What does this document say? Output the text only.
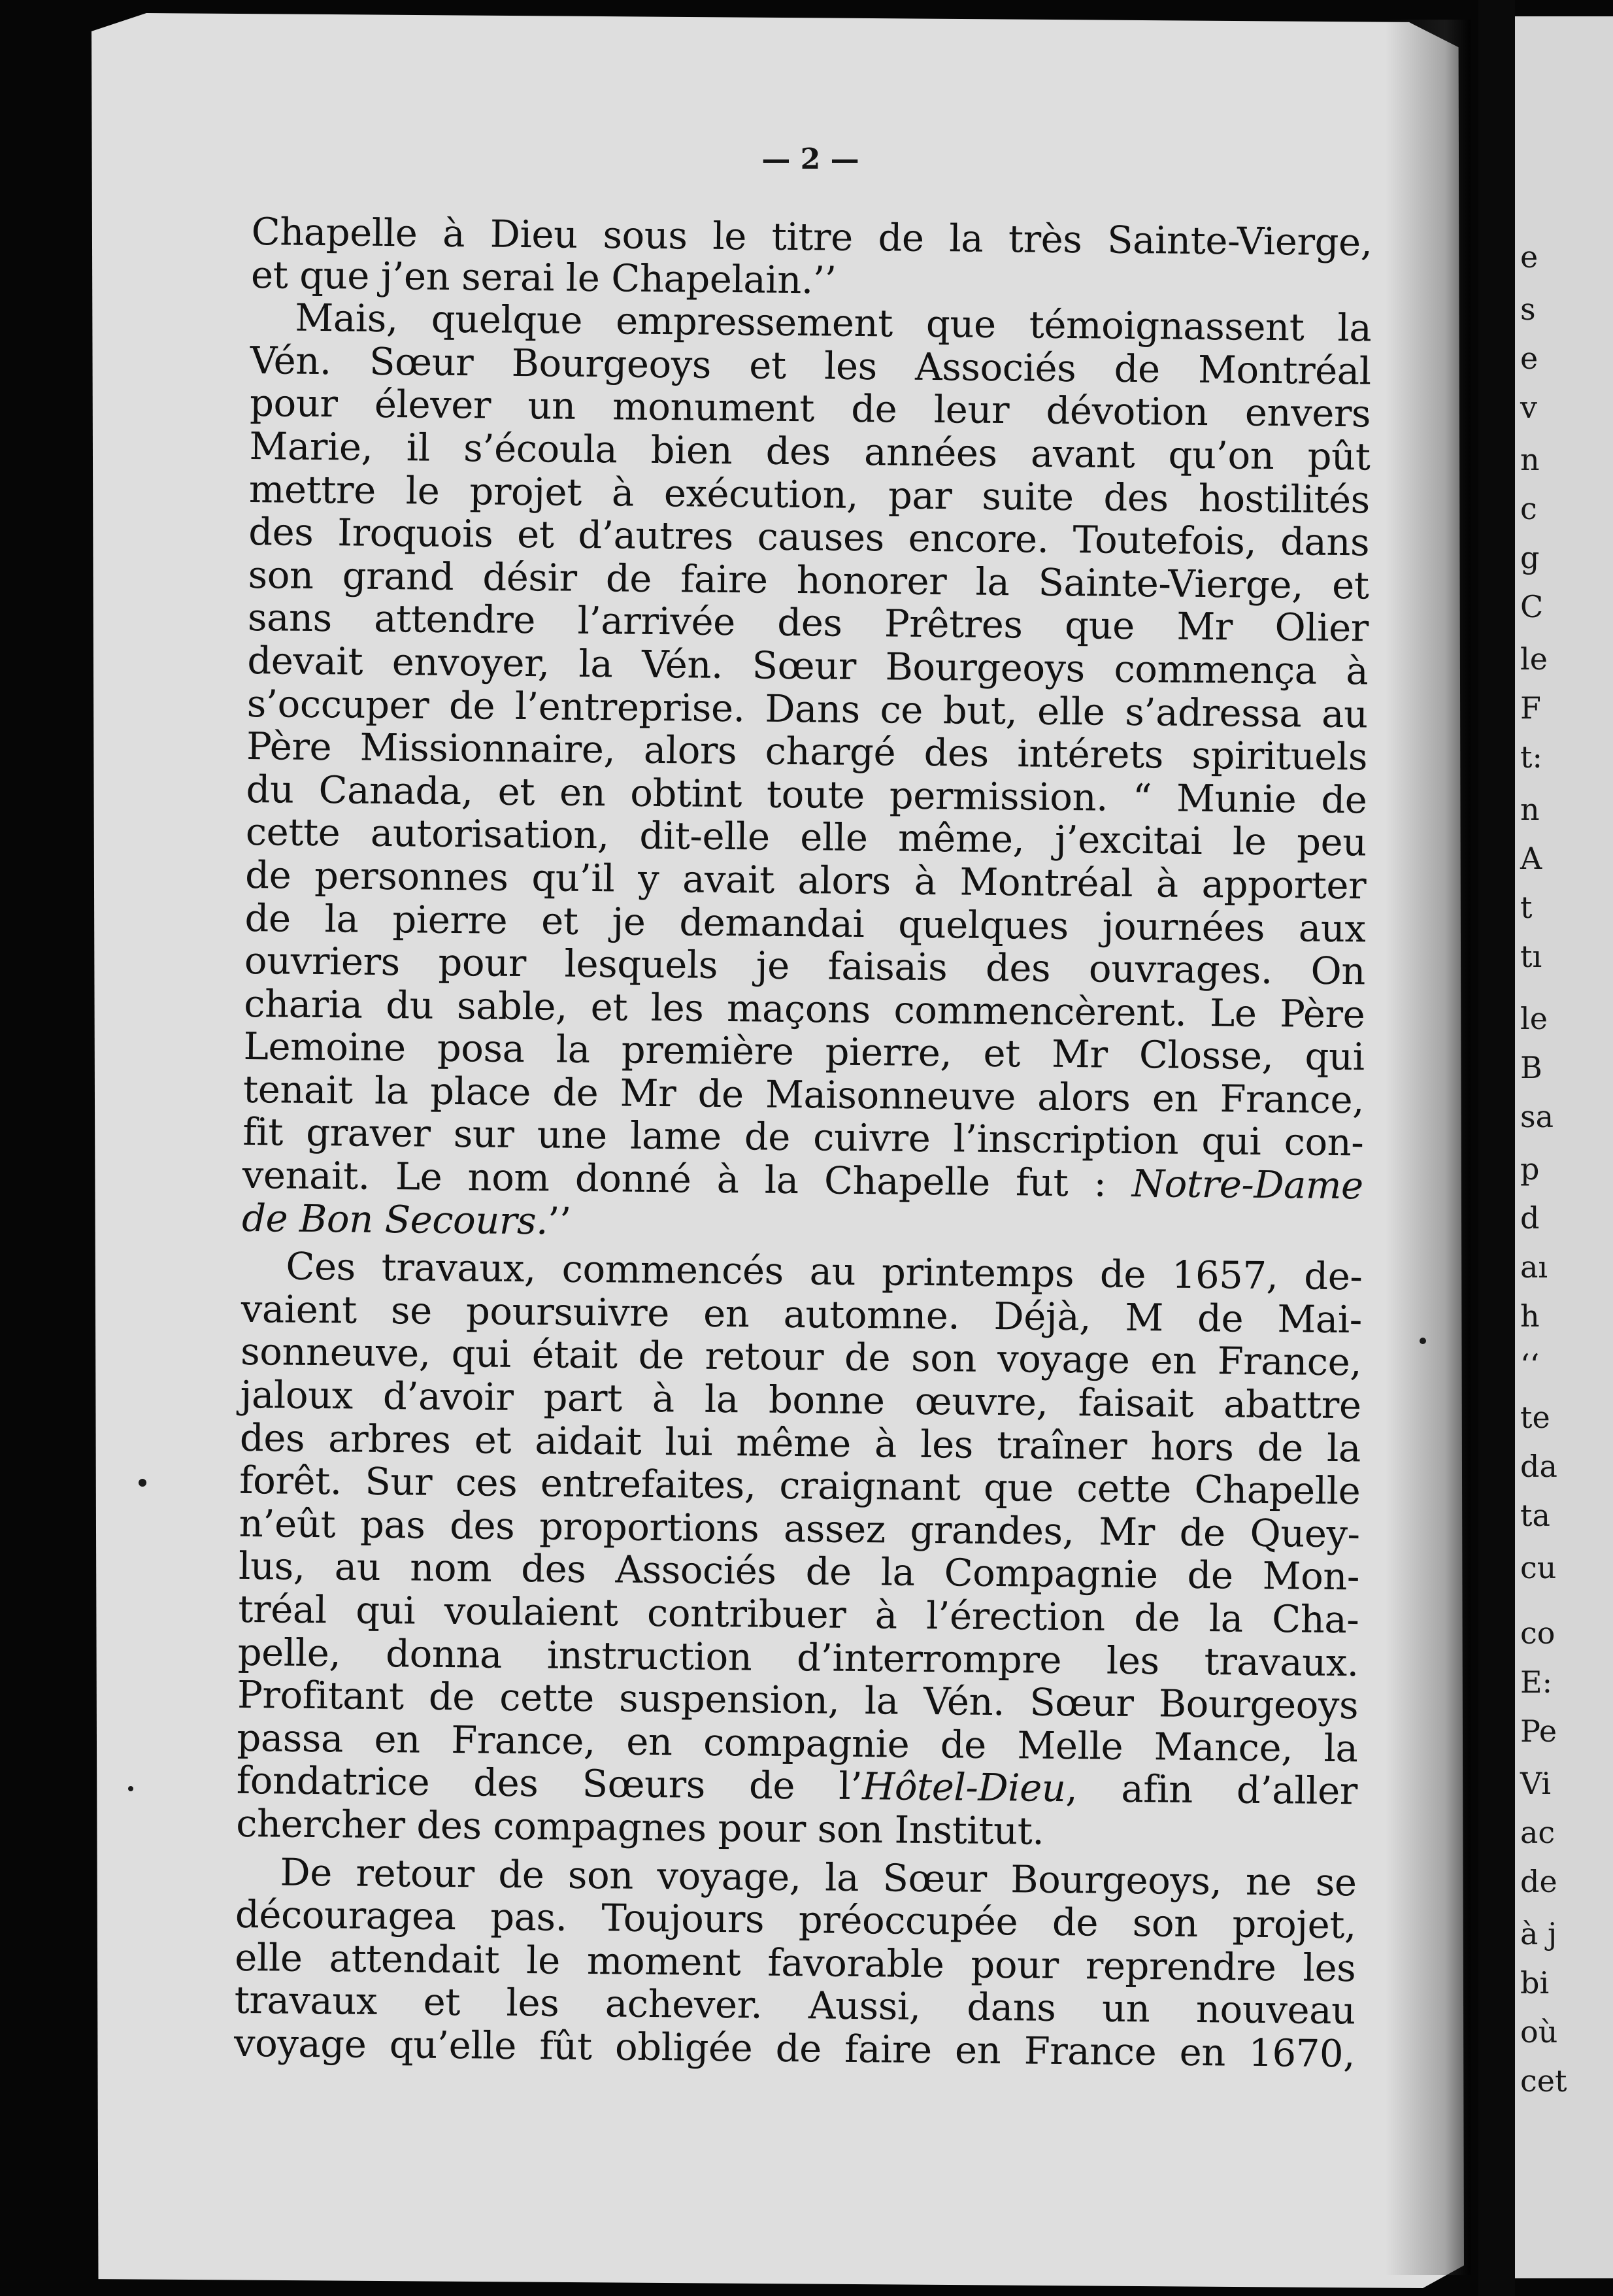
e
s
e
v
n
c
g
C
le
F
t:
n
A
t
tı
le
B
sa
p
d
aı
h
‘‘
te
da
ta
cu
co
E:
Pe
Vi
ac
de
à j
bi
où
cet
— 2 —
Chapelle à Dieu sous le titre de la très Sainte-Vierge,
et que j’en serai le Chapelain.’’
Mais, quelque empressement que témoignassent la
Vén. Sœur Bourgeoys et les Associés de Montréal
pour élever un monument de leur dévotion envers
Marie, il s’écoula bien des années avant qu’on pût
mettre le projet à exécution, par suite des hostilités
des Iroquois et d’autres causes encore. Toutefois, dans
son grand désir de faire honorer la Sainte-Vierge, et
sans attendre l’arrivée des Prêtres que Mr Olier
devait envoyer, la Vén. Sœur Bourgeoys commença à
s’occuper de l’entreprise. Dans ce but, elle s’adressa au
Père Missionnaire, alors chargé des intérets spirituels
du Canada, et en obtint toute permission. “ Munie de
cette autorisation, dit-elle elle même, j’excitai le peu
de personnes qu’il y avait alors à Montréal à apporter
de la pierre et je demandai quelques journées aux
ouvriers pour lesquels je faisais des ouvrages. On
charia du sable, et les maçons commencèrent. Le Père
Lemoine posa la première pierre, et Mr Closse, qui
tenait la place de Mr de Maisonneuve alors en France,
fit graver sur une lame de cuivre l’inscription qui con-
venait. Le nom donné à la Chapelle fut : Notre-Dame
de Bon Secours.’’
Ces travaux, commencés au printemps de 1657, de-
vaient se poursuivre en automne. Déjà, M de Mai-
sonneuve, qui était de retour de son voyage en France,
jaloux d’avoir part à la bonne œuvre, faisait abattre
des arbres et aidait lui même à les traîner hors de la
forêt. Sur ces entrefaites, craignant que cette Chapelle
n’eût pas des proportions assez grandes, Mr de Quey-
lus, au nom des Associés de la Compagnie de Mon-
tréal qui voulaient contribuer à l’érection de la Cha-
pelle, donna instruction d’interrompre les travaux.
Profitant de cette suspension, la Vén. Sœur Bourgeoys
passa en France, en compagnie de Melle Mance, la
fondatrice des Sœurs de l’Hôtel-Dieu, afin d’aller
chercher des compagnes pour son Institut.
De retour de son voyage, la Sœur Bourgeoys, ne se
découragea pas. Toujours préoccupée de son projet,
elle attendait le moment favorable pour reprendre les
travaux et les achever. Aussi, dans un nouveau
voyage qu’elle fût obligée de faire en France en 1670,
